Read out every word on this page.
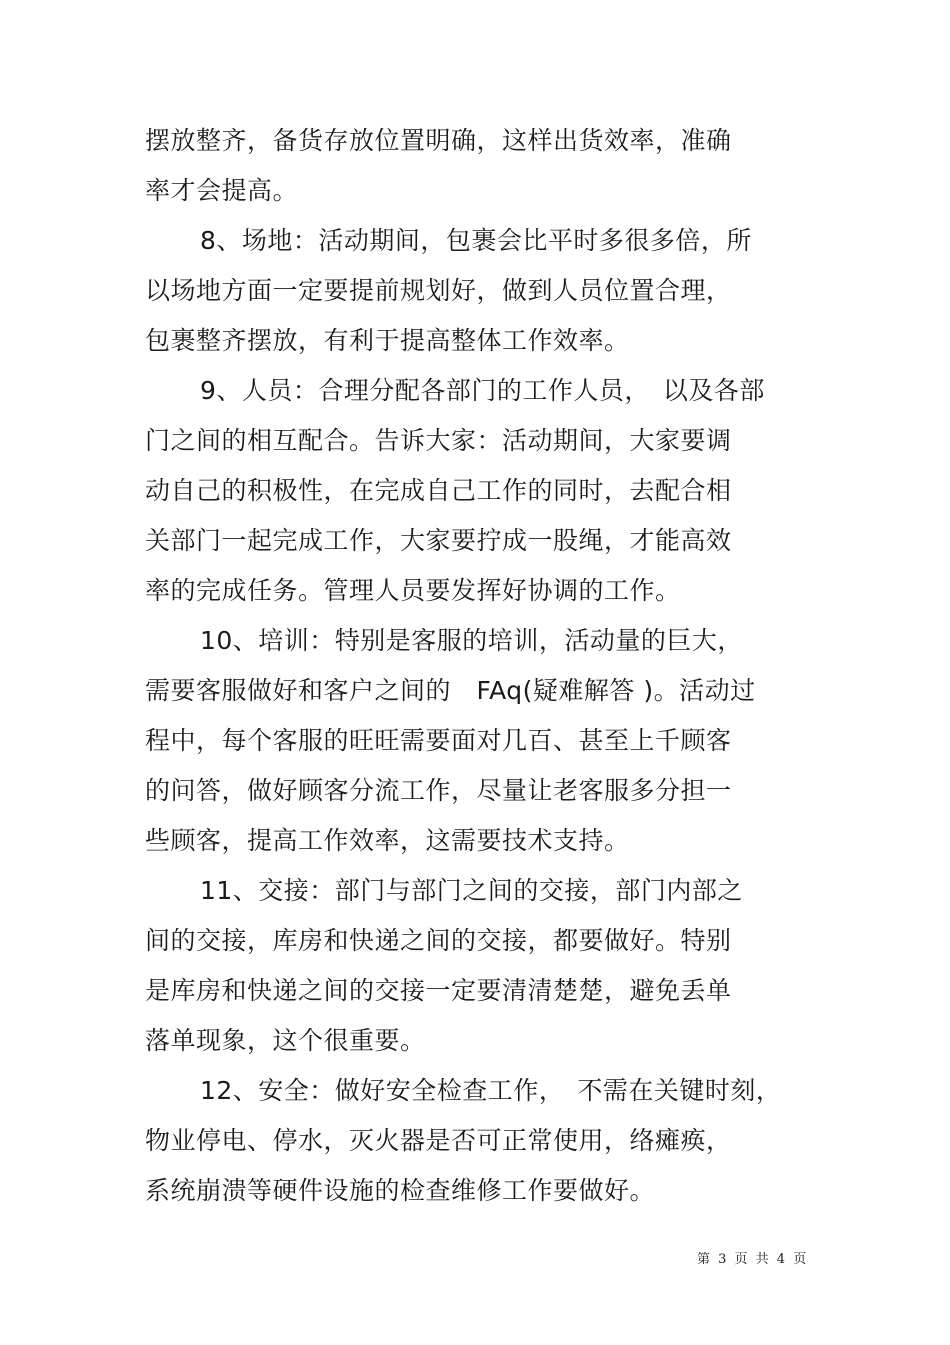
摆放整齐，备货存放位置明确，这样出货效率，准确
率才会提高。
8、场地：活动期间，包裹会比平时多很多倍，所
以场地方面一定要提前规划好，做到人员位置合理，
包裹整齐摆放，有利于提高整体工作效率。
9、人员：合理分配各部门的工作人员，　以及各部
门之间的相互配合。告诉大家：活动期间，大家要调
动自己的积极性，在完成自己工作的同时，去配合相
关部门一起完成工作，大家要拧成一股绳，才能高效
率的完成任务。管理人员要发挥好协调的工作。
10、培训：特别是客服的培训，活动量的巨大，
需要客服做好和客户之间的　FAq(疑难解答 )。活动过
程中，每个客服的旺旺需要面对几百、甚至上千顾客
的问答，做好顾客分流工作，尽量让老客服多分担一
些顾客，提高工作效率，这需要技术支持。
11、交接：部门与部门之间的交接，部门内部之
间的交接，库房和快递之间的交接，都要做好。特别
是库房和快递之间的交接一定要清清楚楚，避免丢单
落单现象，这个很重要。
12、安全：做好安全检查工作，　不需在关键时刻，
物业停电、停水，灭火器是否可正常使用，络瘫痪，
系统崩溃等硬件设施的检查维修工作要做好。
第 3 页 共 4 页
